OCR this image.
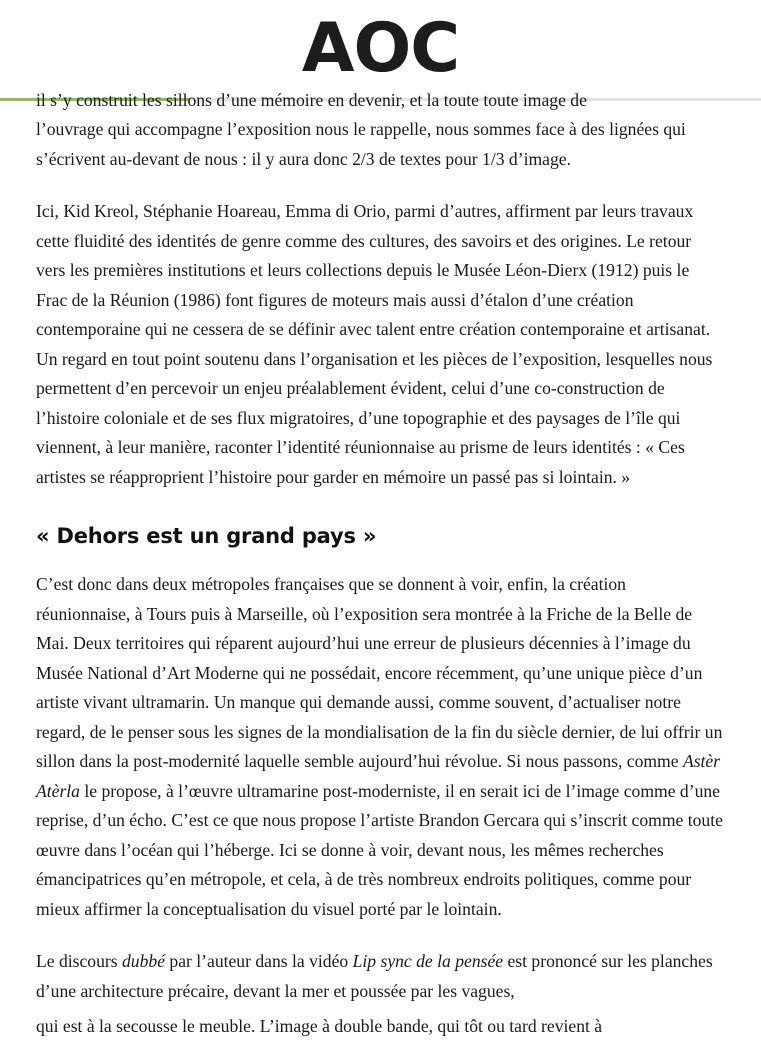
AOC
il s’y construit les sillons d’une mémoire en devenir, et la toute toute image de

l’ouvrage qui accompagne l’exposition nous le rappelle, nous sommes face à des lignées qui s’écrivent au-devant de nous : il y aura donc 2/3 de textes pour 1/3 d’image.

Ici, Kid Kreol, Stéphanie Hoareau, Emma di Orio, parmi d’autres, affirment par leurs travaux cette fluidité des identités de genre comme des cultures, des savoirs et des origines. Le retour vers les premières institutions et leurs collections depuis le Musée Léon-Dierx (1912) puis le Frac de la Réunion (1986) font figures de moteurs mais aussi d’étalon d’une création contemporaine qui ne cessera de se définir avec talent entre création contemporaine et artisanat. Un regard en tout point soutenu dans l’organisation et les pièces de l’exposition, lesquelles nous permettent d’en percevoir un enjeu préalablement évident, celui d’une co-construction de l’histoire coloniale et de ses flux migratoires, d’une topographie et des paysages de l’île qui viennent, à leur manière, raconter l’identité réunionnaise au prisme de leurs identités : « Ces artistes se réapproprient l’histoire pour garder en mémoire un passé pas si lointain. »

« Dehors est un grand pays »

C’est donc dans deux métropoles françaises que se donnent à voir, enfin, la création réunionnaise, à Tours puis à Marseille, où l’exposition sera montrée à la Friche de la Belle de Mai. Deux territoires qui réparent aujourd’hui une erreur de plusieurs décennies à l’image du Musée National d’Art Moderne qui ne possédait, encore récemment, qu’une unique pièce d’un artiste vivant ultramarin. Un manque qui demande aussi, comme souvent, d’actualiser notre regard, de le penser sous les signes de la mondialisation de la fin du siècle dernier, de lui offrir un sillon dans la post-modernité laquelle semble aujourd’hui révolue. Si nous passons, comme Astèr Atèrla le propose, à l’œuvre ultramarine post-moderniste, il en serait ici de l’image comme d’une reprise, d’un écho. C’est ce que nous propose l’artiste Brandon Gercara qui s’inscrit comme toute œuvre dans l’océan qui l’héberge. Ici se donne à voir, devant nous, les mêmes recherches émancipatrices qu’en métropole, et cela, à de très nombreux endroits politiques, comme pour mieux affirmer la conceptualisation du visuel porté par le lointain.

Le discours dubbé par l’auteur dans la vidéo Lip sync de la pensée est prononcé sur les planches d’une architecture précaire, devant la mer et poussée par les vagues,

qui est à la secousse le meuble. L’image à double bande, qui tôt ou tard revient à
